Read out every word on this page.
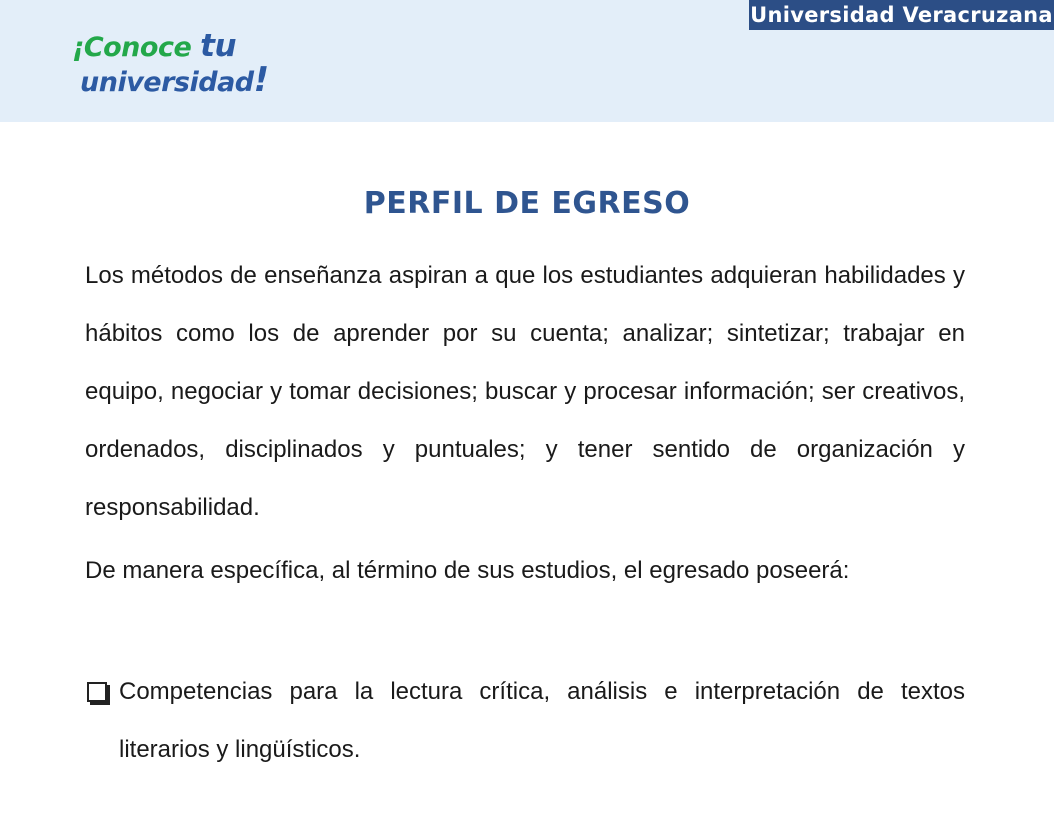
Universidad Veracruzana
¡Conoce tu
universidad!
PERFIL DE EGRESO

Los métodos de enseñanza aspiran a que los estudiantes adquieran habilidades y hábitos como los de aprender por su cuenta; analizar; sintetizar; trabajar en equipo, negociar y tomar decisiones; buscar y procesar información; ser creativos, ordenados, disciplinados y puntuales; y tener sentido de organización y responsabilidad.

De manera específica, al término de sus estudios, el egresado poseerá:

Competencias para la lectura crítica, análisis e interpretación de textos literarios y lingüísticos.
